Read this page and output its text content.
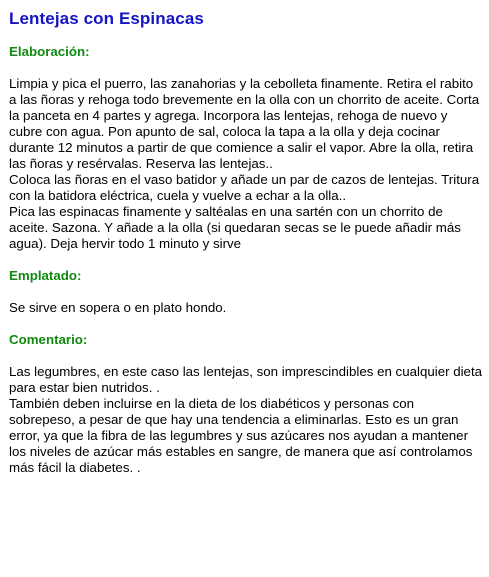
Lentejas con Espinacas
Elaboración:

Limpia y pica el puerro, las zanahorias y la cebolleta finamente. Retira el rabito a las ñoras y rehoga todo brevemente en la olla con un chorrito de aceite. Corta la panceta en 4 partes y agrega. Incorpora las lentejas, rehoga de nuevo y cubre con agua. Pon apunto de sal, coloca la tapa a la olla y deja cocinar durante 12 minutos a partir de que comience a salir el vapor. Abre la olla, retira las ñoras y resérvalas. Reserva las lentejas..
Coloca las ñoras en el vaso batidor y añade un par de cazos de lentejas. Tritura con la batidora eléctrica, cuela y vuelve a echar a la olla..
Pica las espinacas finamente y saltéalas en una sartén con un chorrito de aceite. Sazona. Y añade a la olla (si quedaran secas se le puede añadir más agua). Deja hervir todo 1 minuto y sirve

Emplatado:

Se sirve en sopera o en plato hondo.

Comentario:

Las legumbres, en este caso las lentejas, son imprescindibles en cualquier dieta para estar bien nutridos. .
También deben incluirse en la dieta de los diabéticos y personas con sobrepeso, a pesar de que hay una tendencia a eliminarlas. Esto es un gran error, ya que la fibra de las legumbres y sus azúcares nos ayudan a mantener los niveles de azúcar más estables en sangre, de manera que así controlamos más fácil la diabetes. .
